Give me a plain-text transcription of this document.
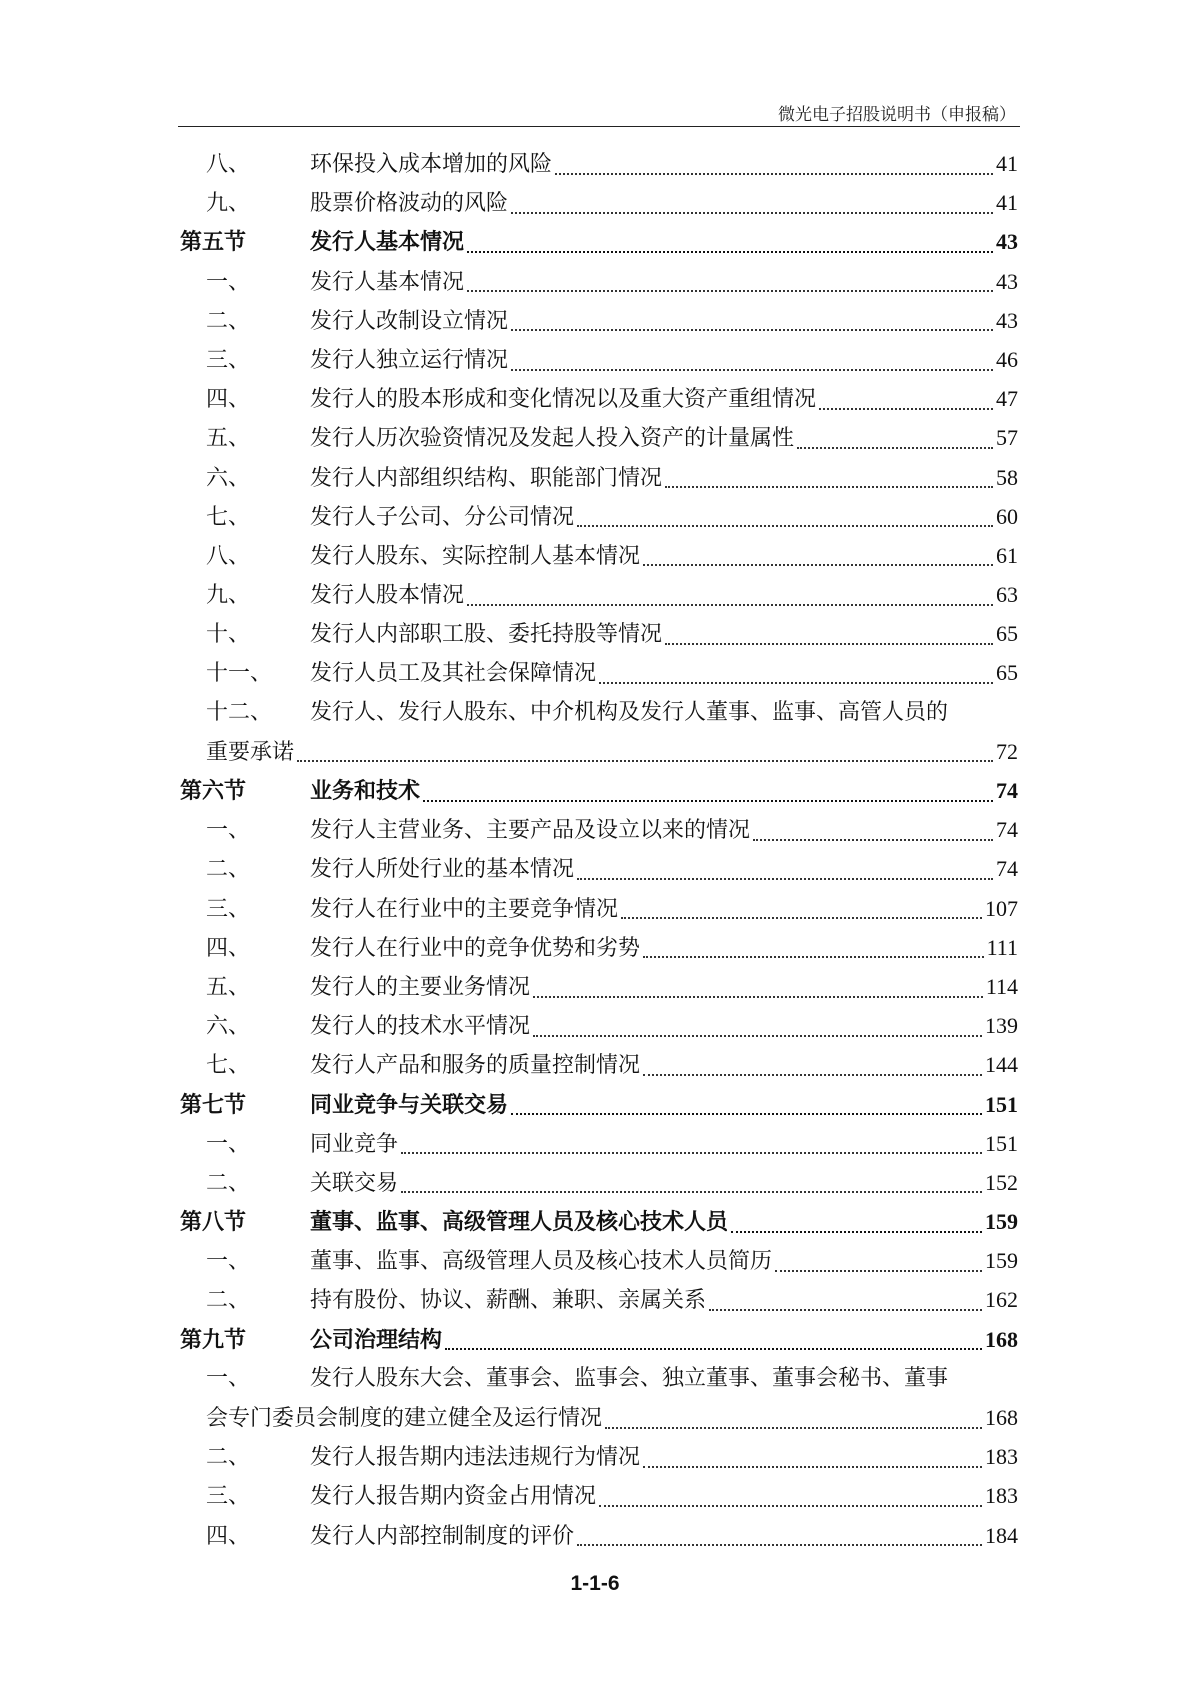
微光电子招股说明书（申报稿）
八、	环保投入成本增加的风险	41
九、	股票价格波动的风险	41
第五节	发行人基本情况	43
一、	发行人基本情况	43
二、	发行人改制设立情况	43
三、	发行人独立运行情况	46
四、	发行人的股本形成和变化情况以及重大资产重组情况	47
五、	发行人历次验资情况及发起人投入资产的计量属性	57
六、	发行人内部组织结构、职能部门情况	58
七、	发行人子公司、分公司情况	60
八、	发行人股东、实际控制人基本情况	61
九、	发行人股本情况	63
十、	发行人内部职工股、委托持股等情况	65
十一、	发行人员工及其社会保障情况	65
十二、	发行人、发行人股东、中介机构及发行人董事、监事、高管人员的
重要承诺	72
第六节	业务和技术	74
一、	发行人主营业务、主要产品及设立以来的情况	74
二、	发行人所处行业的基本情况	74
三、	发行人在行业中的主要竞争情况	107
四、	发行人在行业中的竞争优势和劣势	111
五、	发行人的主要业务情况	114
六、	发行人的技术水平情况	139
七、	发行人产品和服务的质量控制情况	144
第七节	同业竞争与关联交易	151
一、	同业竞争	151
二、	关联交易	152
第八节	董事、监事、高级管理人员及核心技术人员	159
一、	董事、监事、高级管理人员及核心技术人员简历	159
二、	持有股份、协议、薪酬、兼职、亲属关系	162
第九节	公司治理结构	168
一、	发行人股东大会、董事会、监事会、独立董事、董事会秘书、董事
会专门委员会制度的建立健全及运行情况	168
二、	发行人报告期内违法违规行为情况	183
三、	发行人报告期内资金占用情况	183
四、	发行人内部控制制度的评价	184
1-1-6
